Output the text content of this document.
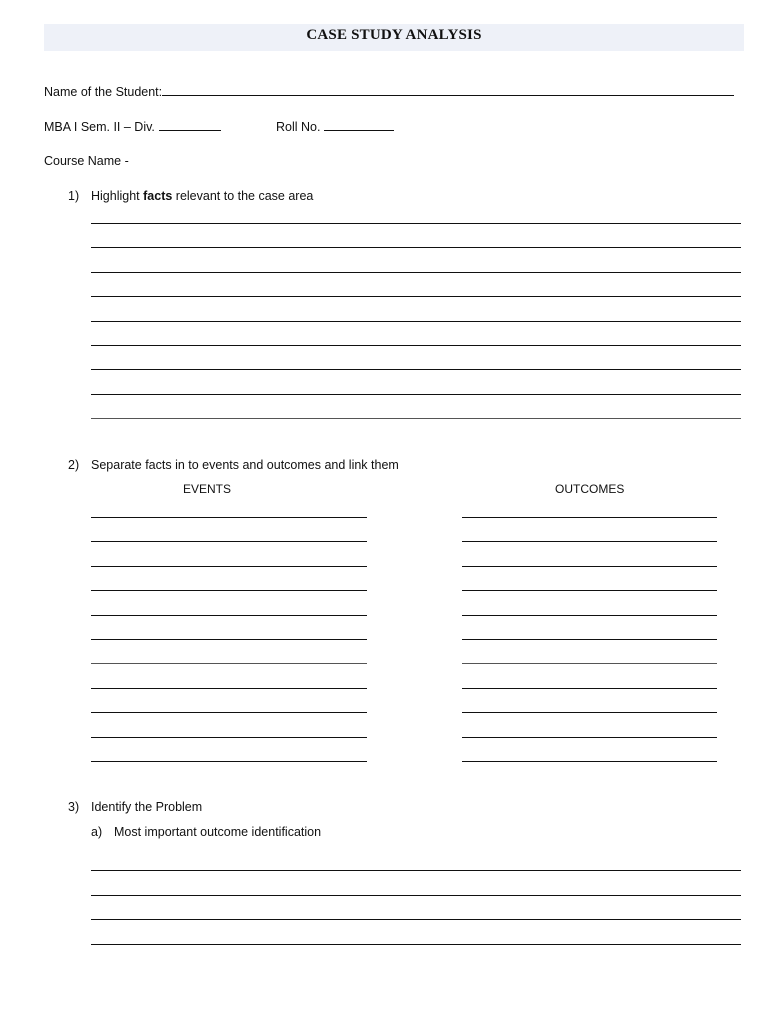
CASE STUDY ANALYSIS
Name of the Student:
MBA I Sem. II – Div.	Roll No.
Course Name -
1) Highlight facts relevant to the case area
2) Separate facts in to events and outcomes and link them
EVENTS	OUTCOMES
3) Identify the Problem
a) Most important outcome identification
